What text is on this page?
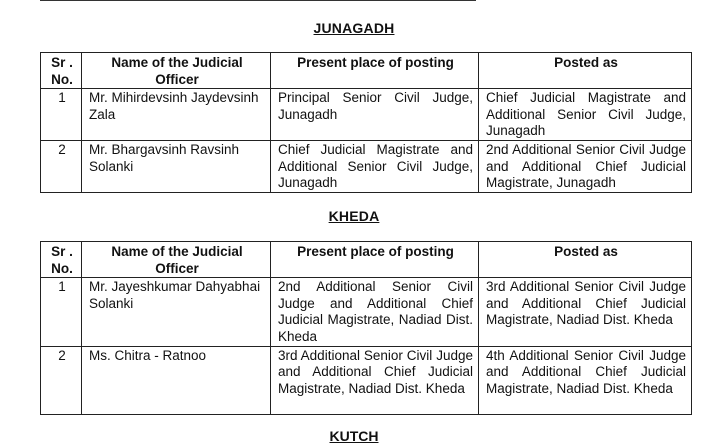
JUNAGADH
Sr . No.	Name of the Judicial Officer	Present place of posting	Posted as
1	Mr. Mihirdevsinh Jaydevsinh Zala	Principal Senior Civil Judge, Junagadh	Chief Judicial Magistrate and Additional Senior Civil Judge, Junagadh
2	Mr. Bhargavsinh Ravsinh Solanki	Chief Judicial Magistrate and Additional Senior Civil Judge, Junagadh	2nd Additional Senior Civil Judge and Additional Chief Judicial Magistrate, Junagadh
KHEDA
Sr . No.	Name of the Judicial Officer	Present place of posting	Posted as
1	Mr. Jayeshkumar Dahyabhai Solanki	2nd Additional Senior Civil Judge and Additional Chief Judicial Magistrate, Nadiad Dist. Kheda	3rd Additional Senior Civil Judge and Additional Chief Judicial Magistrate, Nadiad Dist. Kheda
2	Ms. Chitra - Ratnoo	3rd Additional Senior Civil Judge and Additional Chief Judicial Magistrate, Nadiad Dist. Kheda	4th Additional Senior Civil Judge and Additional Chief Judicial Magistrate, Nadiad Dist. Kheda
KUTCH
